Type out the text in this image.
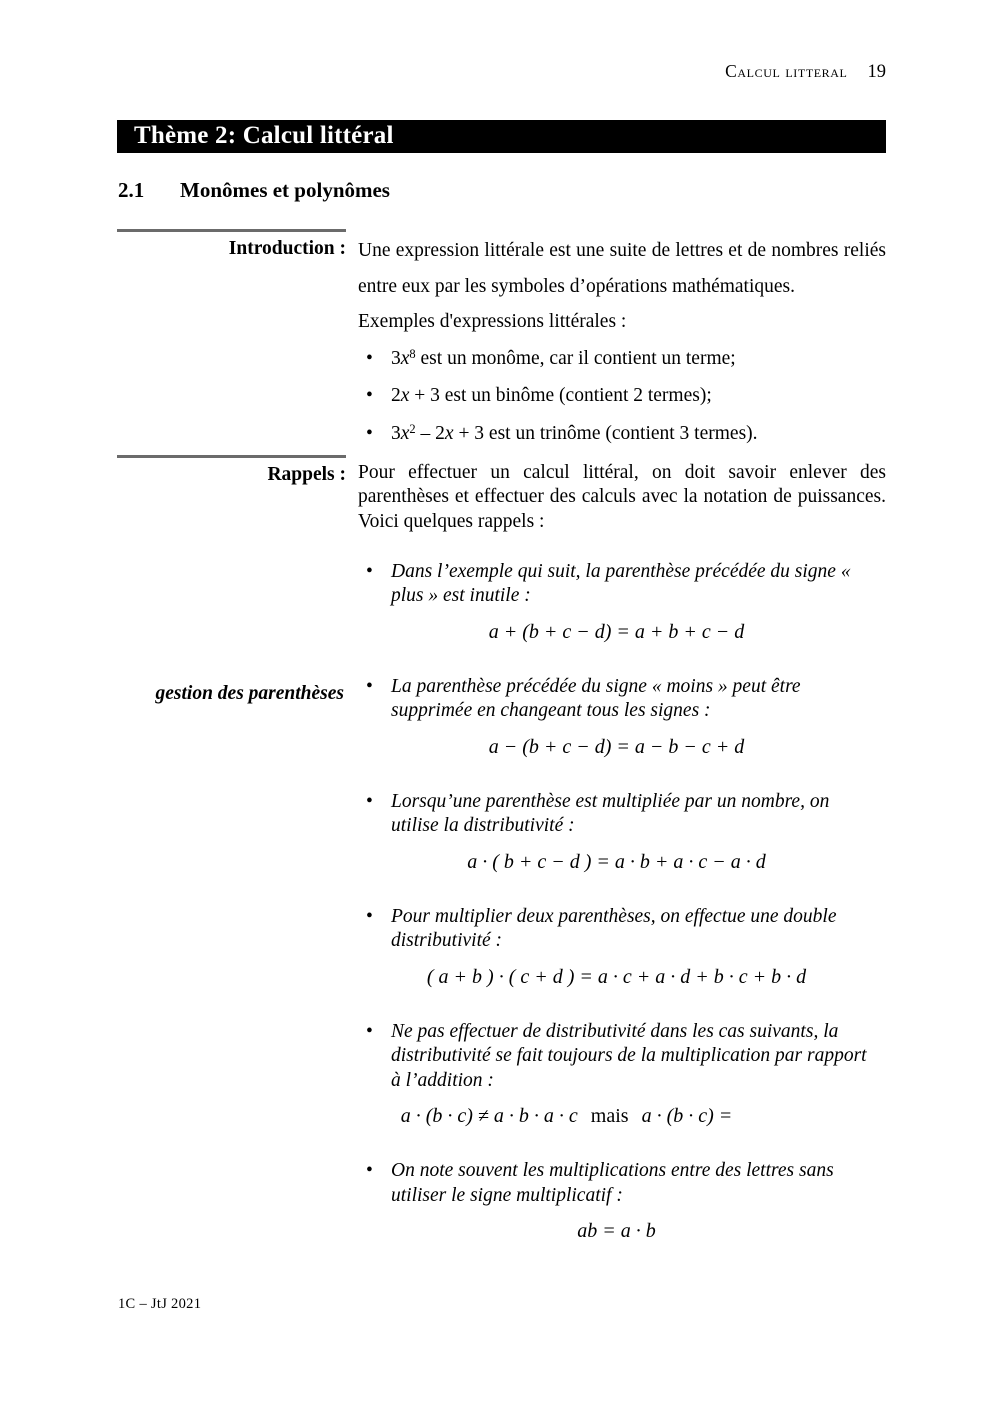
Calcul litteral 19
Thème 2: Calcul littéral
2.1 Monômes et polynômes
Introduction : Une expression littérale est une suite de lettres et de nombres reliés entre eux par les symboles d’opérations mathématiques.

Exemples d'expressions littérales :

• $3x^8$ est un monôme, car il contient un terme;
• 2x + 3 est un binôme (contient 2 termes);
• $3x^2 - 2x + 3$ est un trinôme (contient 3 termes).
Rappels : Pour effectuer un calcul littéral, on doit savoir enlever des parenthèses et effectuer des calculs avec la notation de puissances. Voici quelques rappels :

• Dans l’exemple qui suit, la parenthèse précédée du signe « plus » est inutile :
a + (b + c − d) = a + b + c − d
•
gestion des parenthèses La parenthèse précédée du signe « moins » peut être supprimée en changeant tous les signes :
a − (b + c − d) = a − b − c + d
• Lorsqu’une parenthèse est multipliée par un nombre, on utilise la distributivité :
a · ( b + c − d ) = a · b + a · c − a · d
• Pour multiplier deux parenthèses, on effectue une double distributivité :
( a + b ) · ( c + d ) = a · c + a · d + b · c + b · d
• Ne pas effectuer de distributivité dans les cas suivants, la distributivité se fait toujours de la multiplication par rapport à l’addition :
a · (b · c) ≠ a · b · a · c mais a · (b · c) =
• On note souvent les multiplications entre des lettres sans utiliser le signe multiplicatif :
ab = a · b
1C – JtJ 2021
